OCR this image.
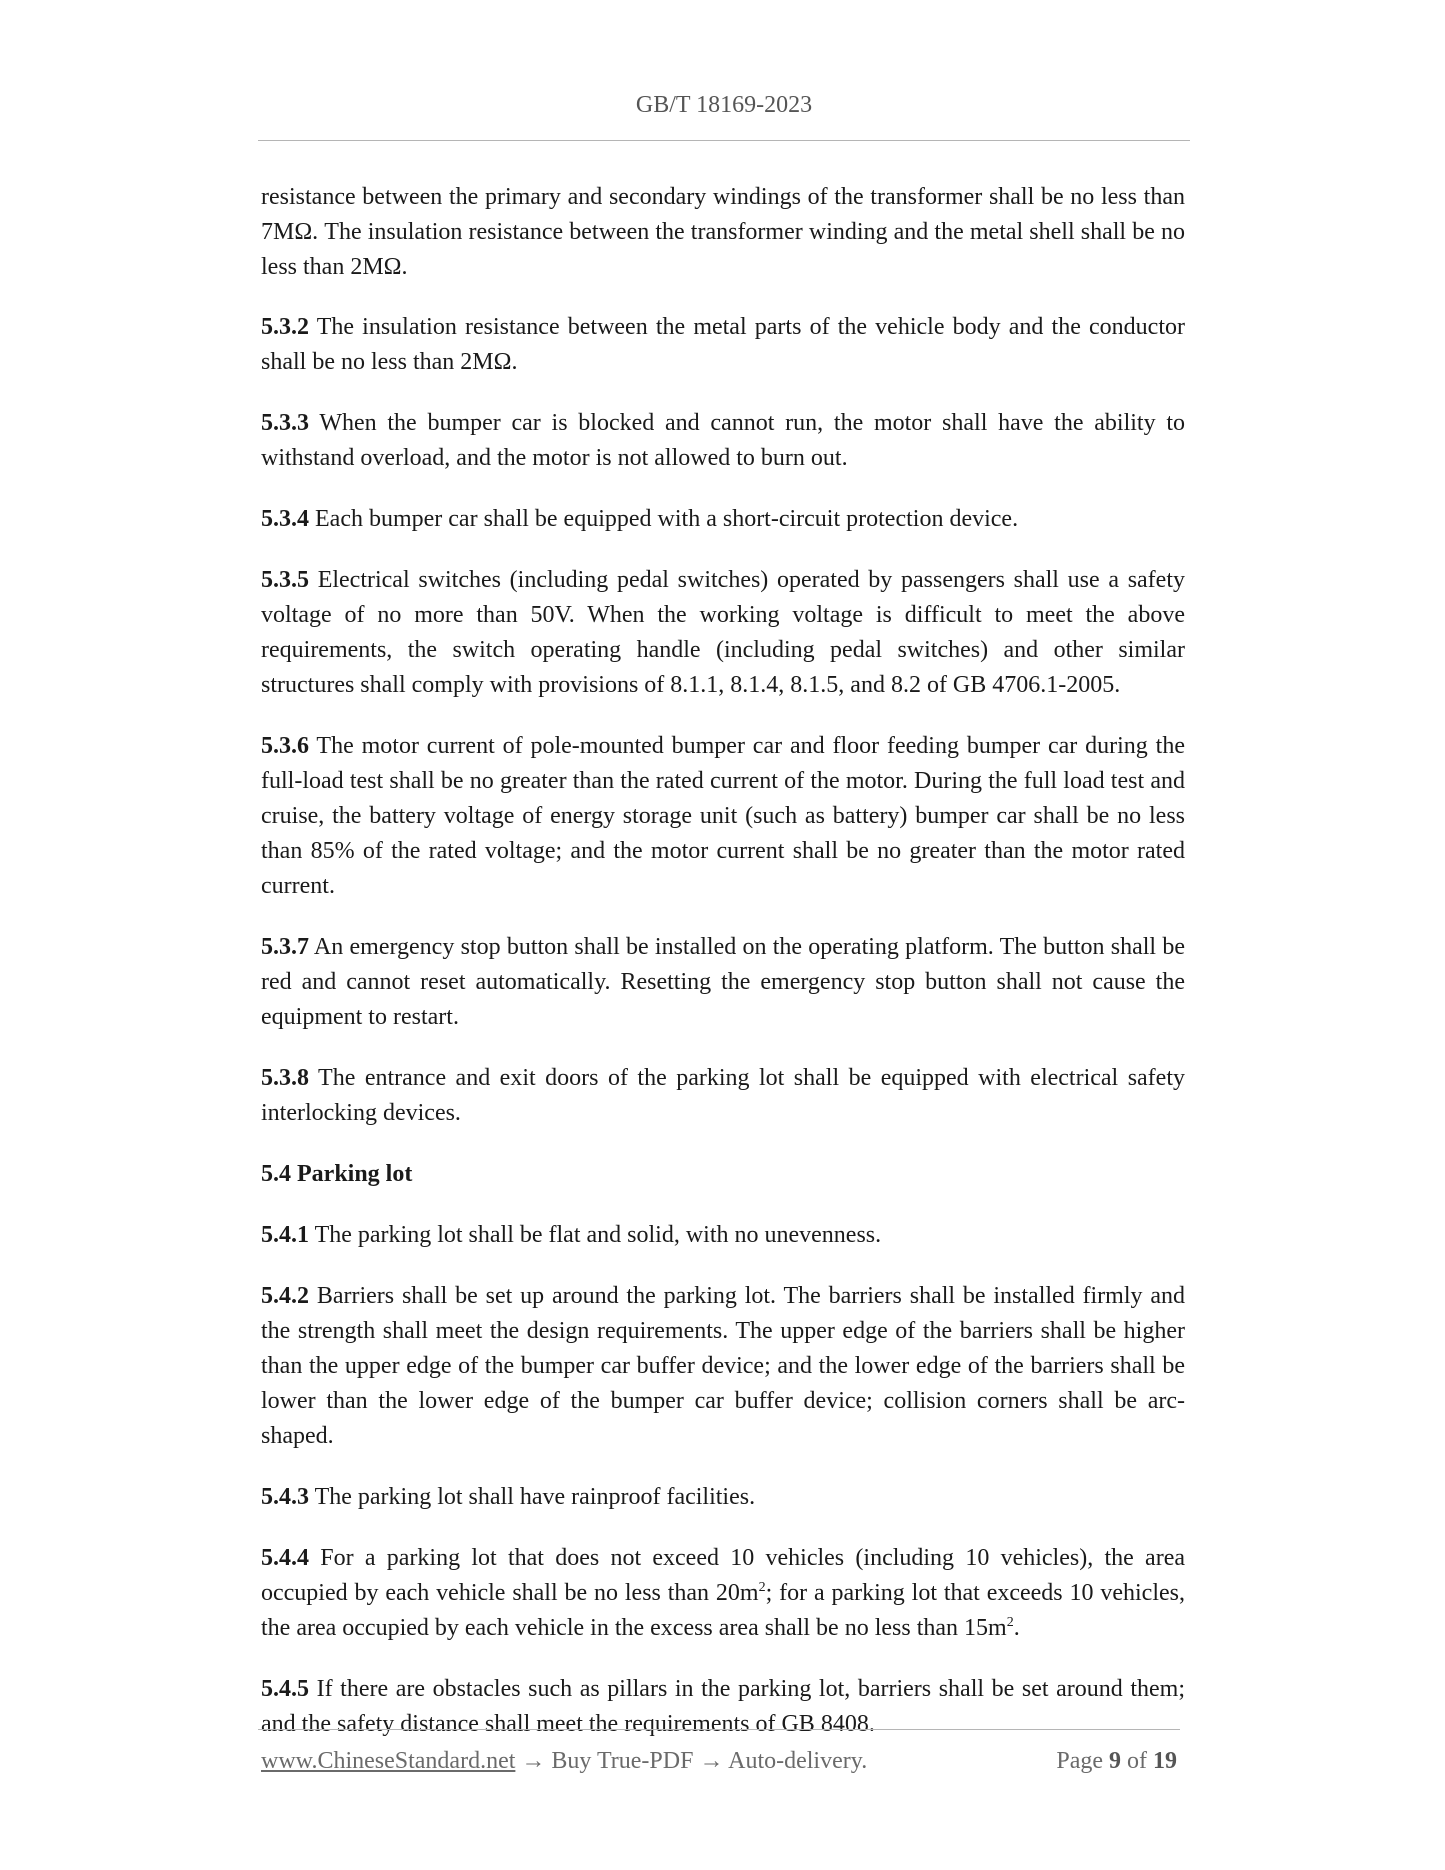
GB/T 18169-2023

resistance between the primary and secondary windings of the transformer shall be no less than 7MΩ. The insulation resistance between the transformer winding and the metal shell shall be no less than 2MΩ.

5.3.2 The insulation resistance between the metal parts of the vehicle body and the conductor shall be no less than 2MΩ.

5.3.3 When the bumper car is blocked and cannot run, the motor shall have the ability to withstand overload, and the motor is not allowed to burn out.

5.3.4 Each bumper car shall be equipped with a short-circuit protection device.

5.3.5 Electrical switches (including pedal switches) operated by passengers shall use a safety voltage of no more than 50V. When the working voltage is difficult to meet the above requirements, the switch operating handle (including pedal switches) and other similar structures shall comply with provisions of 8.1.1, 8.1.4, 8.1.5, and 8.2 of GB 4706.1-2005.

5.3.6 The motor current of pole-mounted bumper car and floor feeding bumper car during the full-load test shall be no greater than the rated current of the motor. During the full load test and cruise, the battery voltage of energy storage unit (such as battery) bumper car shall be no less than 85% of the rated voltage; and the motor current shall be no greater than the motor rated current.

5.3.7 An emergency stop button shall be installed on the operating platform. The button shall be red and cannot reset automatically. Resetting the emergency stop button shall not cause the equipment to restart.

5.3.8 The entrance and exit doors of the parking lot shall be equipped with electrical safety interlocking devices.

5.4 Parking lot

5.4.1 The parking lot shall be flat and solid, with no unevenness.

5.4.2 Barriers shall be set up around the parking lot. The barriers shall be installed firmly and the strength shall meet the design requirements. The upper edge of the barriers shall be higher than the upper edge of the bumper car buffer device; and the lower edge of the barriers shall be lower than the lower edge of the bumper car buffer device; collision corners shall be arc-shaped.

5.4.3 The parking lot shall have rainproof facilities.

5.4.4 For a parking lot that does not exceed 10 vehicles (including 10 vehicles), the area occupied by each vehicle shall be no less than $20m^2$; for a parking lot that exceeds 10 vehicles, the area occupied by each vehicle in the excess area shall be no less than $15m^2$.

5.4.5 If there are obstacles such as pillars in the parking lot, barriers shall be set around them; and the safety distance shall meet the requirements of GB 8408.

www.ChineseStandard.net → Buy True-PDF → Auto-delivery.	Page 9 of 19
